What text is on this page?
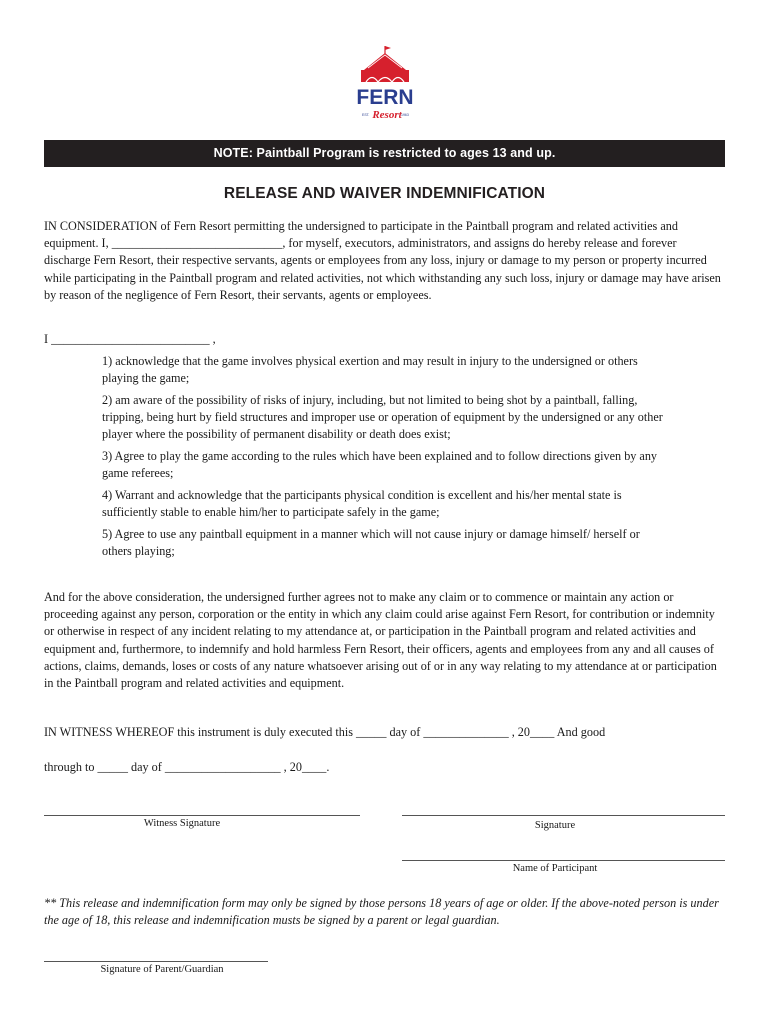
FERN
Resort
EST.	1963
NOTE: Paintball Program is restricted to ages 13 and up.
RELEASE AND WAIVER INDEMNIFICATION

IN CONSIDERATION of Fern Resort permitting the undersigned to participate in the Paintball program and related activities and equipment. I, ____________________________, for myself, executors, administrators, and assigns do hereby release and forever discharge Fern Resort, their respective servants, agents or employees from any loss, injury or damage to my person or property incurred while participating in the Paintball program and related activities, not which withstanding any such loss, injury or damage may have arisen by reason of the negligence of Fern Resort, their servants, agents or employees.

I __________________________ ,

1) acknowledge that the game involves physical exertion and may result in injury to the undersigned or others playing the game;

2) am aware of the possibility of risks of injury, including, but not limited to being shot by a paintball, falling, tripping, being hurt by field structures and improper use or operation of equipment by the undersigned or any other player where the possibility of permanent disability or death does exist;

3) Agree to play the game according to the rules which have been explained and to follow directions given by any game referees;

4) Warrant and acknowledge that the participants physical condition is excellent and his/her mental state is sufficiently stable to enable him/her to participate safely in the game;

5) Agree to use any paintball equipment in a manner which will not cause injury or damage himself/ herself or others playing;

And for the above consideration, the undersigned further agrees not to make any claim or to commence or maintain any action or proceeding against any person, corporation or the entity in which any claim could arise against Fern Resort, for contribution or indemnity or otherwise in respect of any incident relating to my attendance at, or participation in the Paintball program and related activities and equipment and, furthermore, to indemnify and hold harmless Fern Resort, their officers, agents and employees from any and all causes of actions, claims, demands, loses or costs of any nature whatsoever arising out of or in any way relating to my attendance at or participation in the Paintball program and related activities and equipment.

IN WITNESS WHEREOF this instrument is duly executed this _____ day of ______________ , 20____ And good

through to _____ day of ___________________ , 20____.

Witness Signature	Signature
Name of Participant

** This release and indemnification form may only be signed by those persons 18 years of age or older. If the above-noted person is under the age of 18, this release and indemnification musts be signed by a parent or legal guardian.

Signature of Parent/Guardian
